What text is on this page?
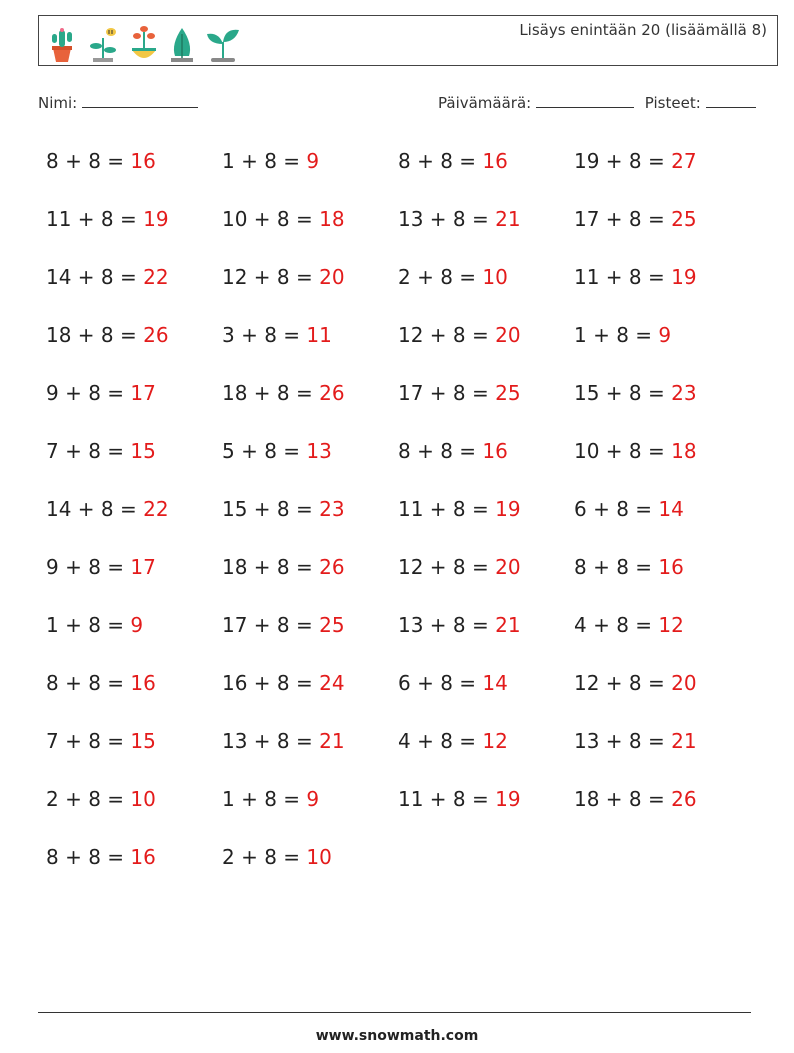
Lisäys enintään 20 (lisäämällä 8)
Nimi:	Päivämäärä:	Pisteet:
8 + 8 = 16	1 + 8 = 9	8 + 8 = 16	19 + 8 = 27
11 + 8 = 19	10 + 8 = 18	13 + 8 = 21	17 + 8 = 25
14 + 8 = 22	12 + 8 = 20	2 + 8 = 10	11 + 8 = 19
18 + 8 = 26	3 + 8 = 11	12 + 8 = 20	1 + 8 = 9
9 + 8 = 17	18 + 8 = 26	17 + 8 = 25	15 + 8 = 23
7 + 8 = 15	5 + 8 = 13	8 + 8 = 16	10 + 8 = 18
14 + 8 = 22	15 + 8 = 23	11 + 8 = 19	6 + 8 = 14
9 + 8 = 17	18 + 8 = 26	12 + 8 = 20	8 + 8 = 16
1 + 8 = 9	17 + 8 = 25	13 + 8 = 21	4 + 8 = 12
8 + 8 = 16	16 + 8 = 24	6 + 8 = 14	12 + 8 = 20
7 + 8 = 15	13 + 8 = 21	4 + 8 = 12	13 + 8 = 21
2 + 8 = 10	1 + 8 = 9	11 + 8 = 19	18 + 8 = 26
8 + 8 = 16	2 + 8 = 10
www.snowmath.com
